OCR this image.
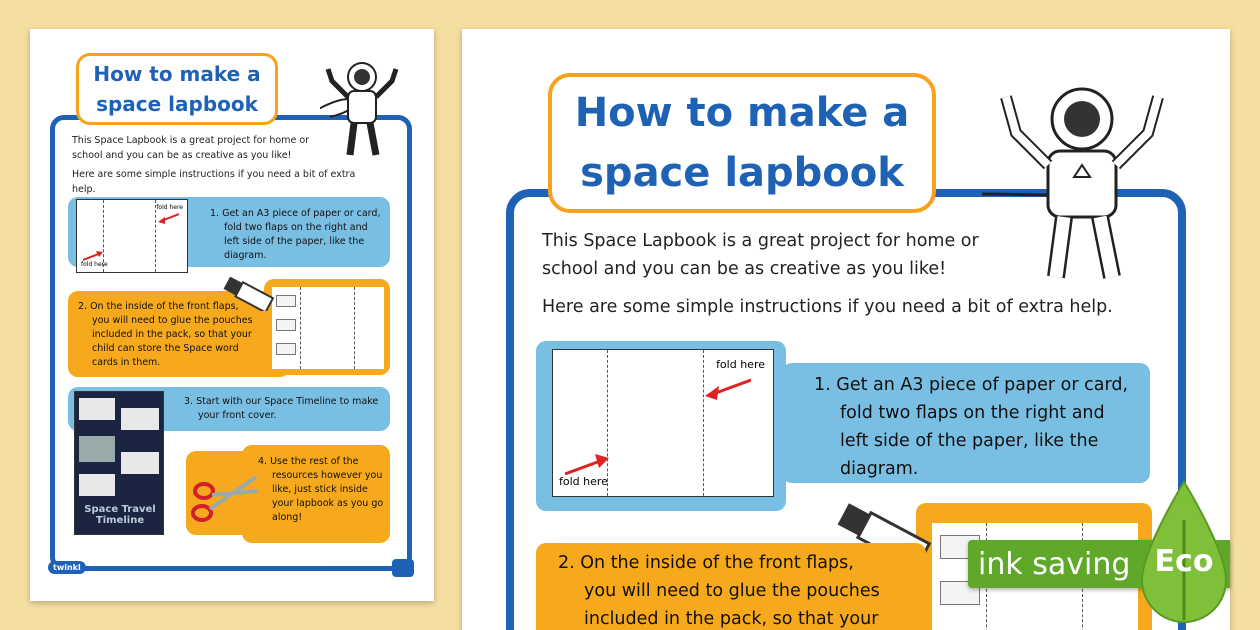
How to make a
space lapbook
This Space Lapbook is a great project for home or
school and you can be as creative as you like!
Here are some simple instructions if you need a bit of extra help.
fold here
fold here
1. Get an A3 piece of paper or card,
fold two flaps on the right and
left side of the paper, like the
diagram.
2. On the inside of the front flaps,
you will need to glue the pouches
included in the pack, so that your
child can store the Space word
cards in them.
Space Travel
Timeline
3. Start with our Space Timeline to make
your front cover.
4. Use the rest of the
resources however you
like, just stick inside
your lapbook as you go
along!
twinkl	visit twinkl.com
How to make a
space lapbook
This Space Lapbook is a great project for home or
school and you can be as creative as you like!
Here are some simple instructions if you need a bit of extra help.
fold here
fold here
1. Get an A3 piece of paper or card,
fold two flaps on the right and
left side of the paper, like the
diagram.
2. On the inside of the front flaps,
you will need to glue the pouches
included in the pack, so that your
ink saving Eco
